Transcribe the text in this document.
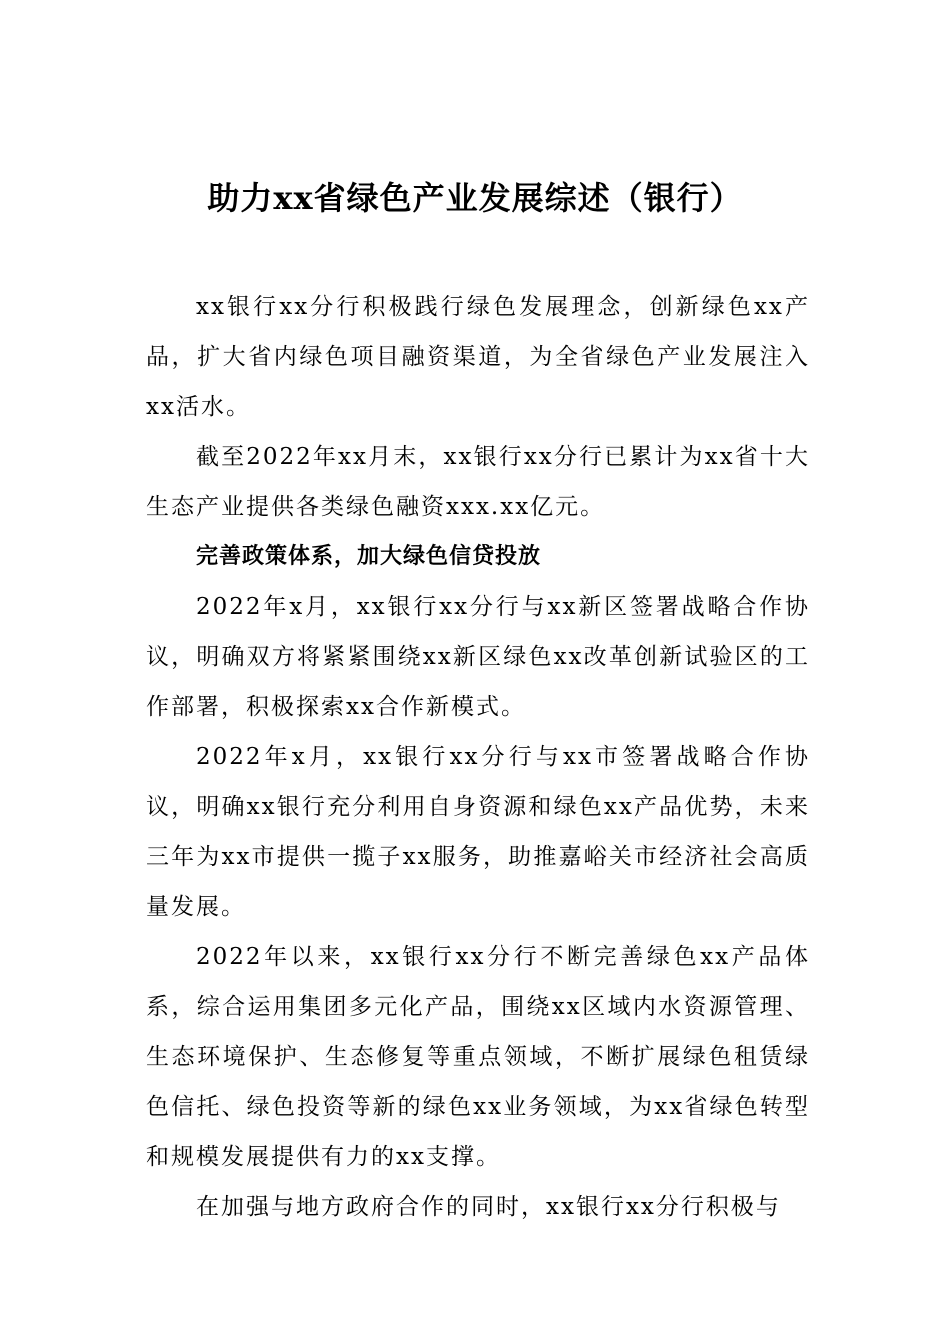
助力xx省绿色产业发展综述（银行）

xx银行xx分行积极践行绿色发展理念，创新绿色xx产品，扩大省内绿色项目融资渠道，为全省绿色产业发展注入xx活水。

截至2022年xx月末，xx银行xx分行已累计为xx省十大生态产业提供各类绿色融资xxx.xx亿元。

完善政策体系，加大绿色信贷投放

2022年x月，xx银行xx分行与xx新区签署战略合作协议，明确双方将紧紧围绕xx新区绿色xx改革创新试验区的工作部署，积极探索xx合作新模式。

2022年x月，xx银行xx分行与xx市签署战略合作协议，明确xx银行充分利用自身资源和绿色xx产品优势，未来三年为xx市提供一揽子xx服务，助推嘉峪关市经济社会高质量发展。

2022年以来，xx银行xx分行不断完善绿色xx产品体系，综合运用集团多元化产品，围绕xx区域内水资源管理、生态环境保护、生态修复等重点领域，不断扩展绿色租赁绿色信托、绿色投资等新的绿色xx业务领域，为xx省绿色转型和规模发展提供有力的xx支撑。

在加强与地方政府合作的同时，xx银行xx分行积极与
